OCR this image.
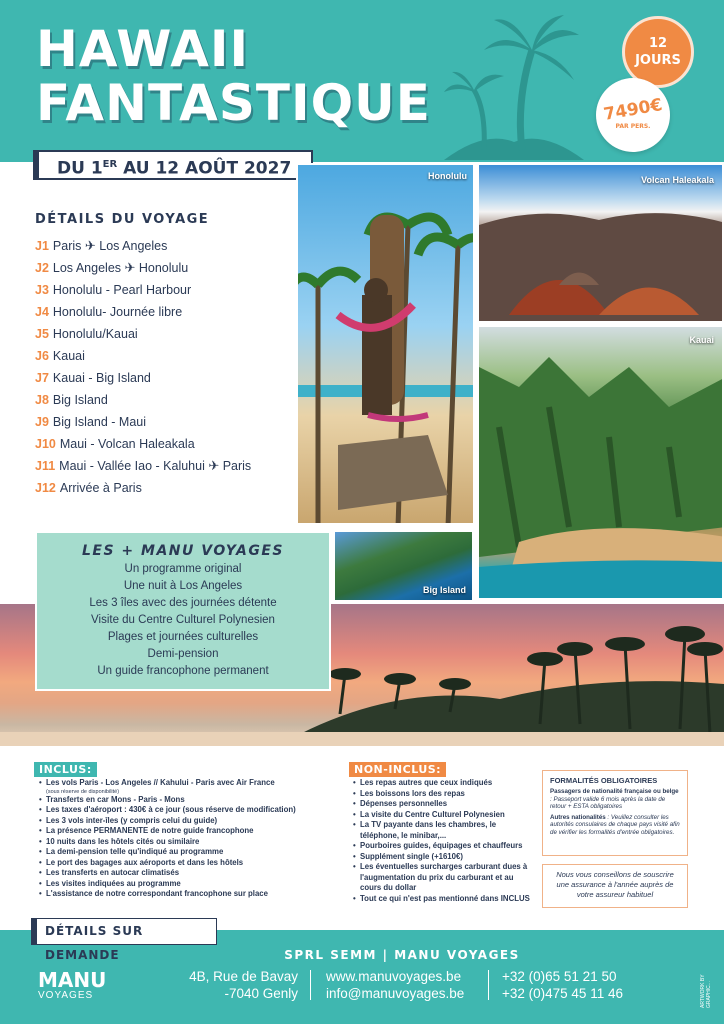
HAWAII
FANTASTIQUE
12
JOURS
7490€
PAR PERS.
DU 1ER AU 12 AOÛT 2027
DÉTAILS DU VOYAGE
J1 Paris ✈ Los Angeles
J2 Los Angeles ✈ Honolulu
J3 Honolulu - Pearl Harbour
J4 Honolulu- Journée libre
J5 Honolulu/Kauai
J6 Kauai
J7 Kauai - Big Island
J8 Big Island
J9 Big Island - Maui
J10 Maui - Volcan Haleakala
J11 Maui - Vallée Iao - Kaluhui ✈ Paris
J12 Arrivée à Paris
Honolulu	Volcan Haleakala
Kauai
Big Island
LES + MANU VOYAGES
Un programme original
Une nuit à Los Angeles
Les 3 îles avec des journées détente
Visite du Centre Culturel Polynesien
Plages et journées culturelles
Demi-pension
Un guide francophone permanent
INCLUS:
• Les vols Paris - Los Angeles // Kahului - Paris avec Air France
(sous réserve de disponibilité)
• Transferts en car Mons - Paris - Mons
• Les taxes d'aéroport : 430€ à ce jour (sous réserve de modification)
• Les 3 vols inter-îles (y compris celui du guide)
• La présence PERMANENTE de notre guide francophone
• 10 nuits dans les hôtels cités ou similaire
• La demi-pension telle qu'indiqué au programme
• Le port des bagages aux aéroports et dans les hôtels
• Les transferts en autocar climatisés
• Les visites indiquées au programme
• L'assistance de notre correspondant francophone sur place
NON-INCLUS:
• Les repas autres que ceux indiqués
• Les boissons lors des repas
• Dépenses personnelles
• La visite du Centre Culturel Polynesien
• La TV payante dans les chambres, le téléphone, le minibar,...
• Pourboires guides, équipages et chauffeurs
• Supplément single (+1610€)
• Les éventuelles surcharges carburant dues à l'augmentation du prix du carburant et au cours du dollar
• Tout ce qui n'est pas mentionné dans INCLUS
FORMALITÉS OBLIGATOIRES

Passagers de nationalité française ou belge : Passeport valide 6 mois après la date de retour + ESTA obligatoires

Autres nationalités : Veuillez consulter les autorités consulaires de chaque pays visité afin de vérifier les formalités d'entrée obligatoires.

Nous vous conseillons de souscrire une assurance à l'année auprès de votre assureur habituel
DÉTAILS SUR DEMANDE	SPRL SEMM | MANU VOYAGES
MANU
VOYAGES
4B, Rue de Bavay
-7040 Genly
www.manuvoyages.be
info@manuvoyages.be
+32 (0)65 51 21 50
+32 (0)475 45 11 46	ARTWORK BY GRAPHIC...
